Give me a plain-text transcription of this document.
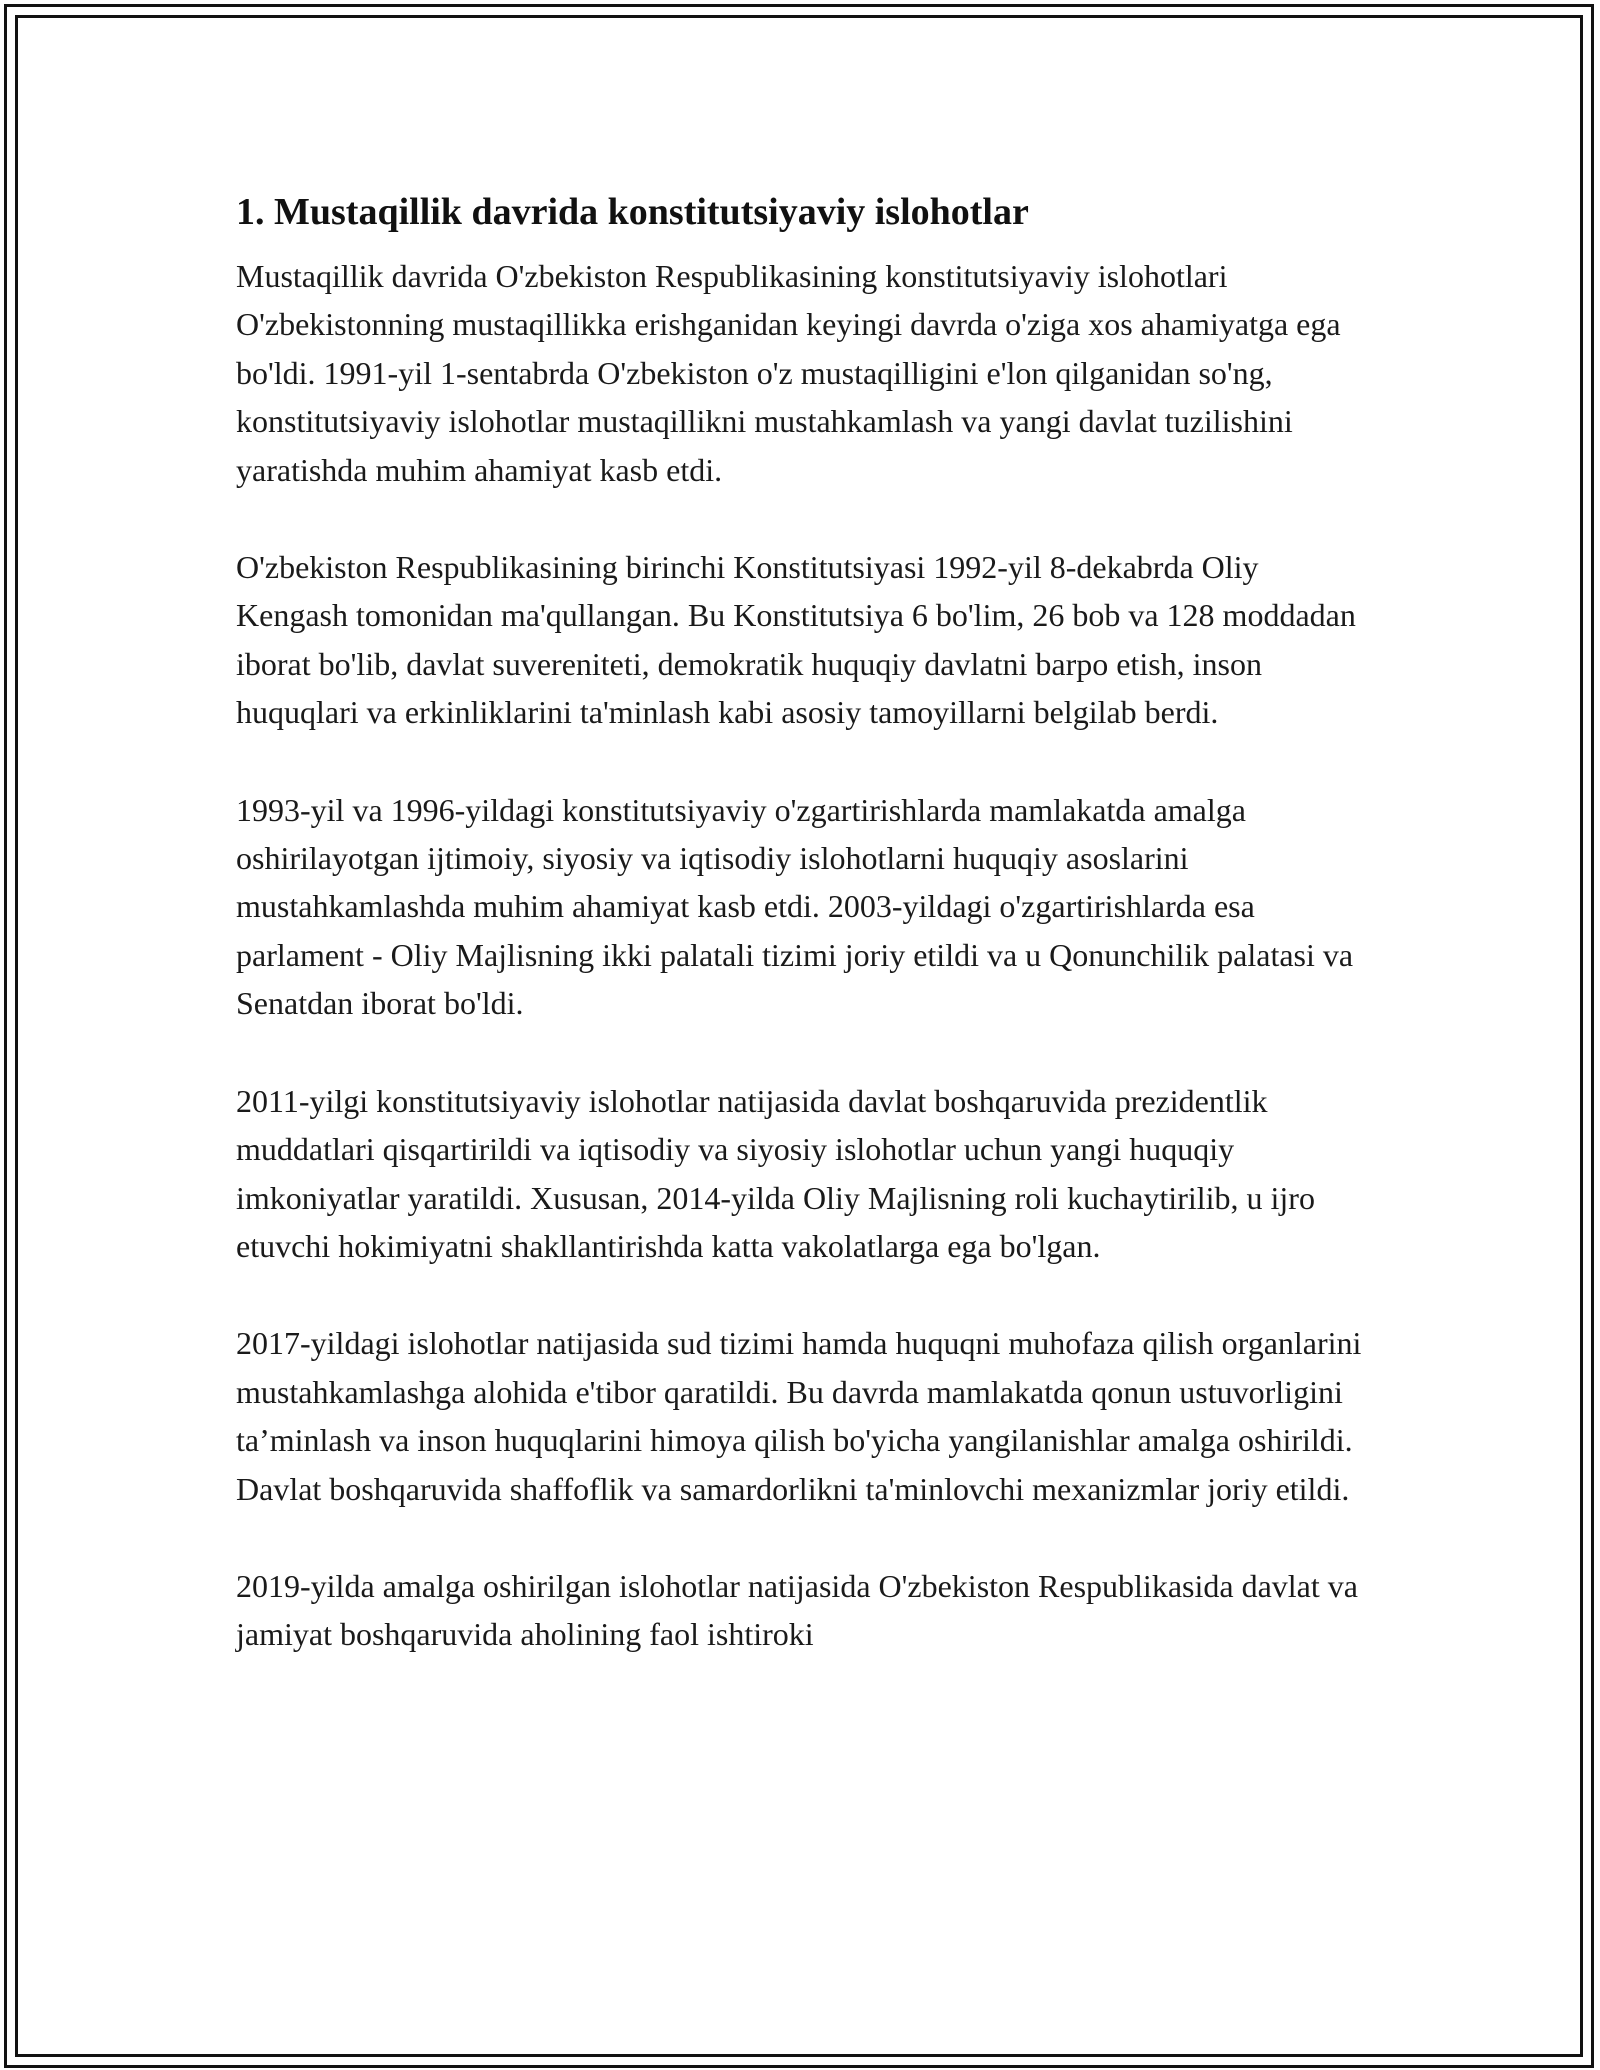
1. Mustaqillik davrida konstitutsiyaviy islohotlar

Mustaqillik davrida O'zbekiston Respublikasining konstitutsiyaviy islohotlari O'zbekistonning mustaqillikka erishganidan keyingi davrda o'ziga xos ahamiyatga ega bo'ldi. 1991-yil 1-sentabrda O'zbekiston o'z mustaqilligini e'lon qilganidan so'ng, konstitutsiyaviy islohotlar mustaqillikni mustahkamlash va yangi davlat tuzilishini yaratishda muhim ahamiyat kasb etdi.

O'zbekiston Respublikasining birinchi Konstitutsiyasi 1992-yil 8-dekabrda Oliy Kengash tomonidan ma'qullangan. Bu Konstitutsiya 6 bo'lim, 26 bob va 128 moddadan iborat bo'lib, davlat suvereniteti, demokratik huquqiy davlatni barpo etish, inson huquqlari va erkinliklarini ta'minlash kabi asosiy tamoyillarni belgilab berdi.

1993-yil va 1996-yildagi konstitutsiyaviy o'zgartirishlarda mamlakatda amalga oshirilayotgan ijtimoiy, siyosiy va iqtisodiy islohotlarni huquqiy asoslarini mustahkamlashda muhim ahamiyat kasb etdi. 2003-yildagi o'zgartirishlarda esa parlament - Oliy Majlisning ikki palatali tizimi joriy etildi va u Qonunchilik palatasi va Senatdan iborat bo'ldi.

2011-yilgi konstitutsiyaviy islohotlar natijasida davlat boshqaruvida prezidentlik muddatlari qisqartirildi va iqtisodiy va siyosiy islohotlar uchun yangi huquqiy imkoniyatlar yaratildi. Xususan, 2014-yilda Oliy Majlisning roli kuchaytirilib, u ijro etuvchi hokimiyatni shakllantirishda katta vakolatlarga ega bo'lgan.

2017-yildagi islohotlar natijasida sud tizimi hamda huquqni muhofaza qilish organlarini mustahkamlashga alohida e'tibor qaratildi. Bu davrda mamlakatda qonun ustuvorligini ta’minlash va inson huquqlarini himoya qilish bo'yicha yangilanishlar amalga oshirildi. Davlat boshqaruvida shaffoflik va samardorlikni ta'minlovchi mexanizmlar joriy etildi.

2019-yilda amalga oshirilgan islohotlar natijasida O'zbekiston Respublikasida davlat va jamiyat boshqaruvida aholining faol ishtiroki
